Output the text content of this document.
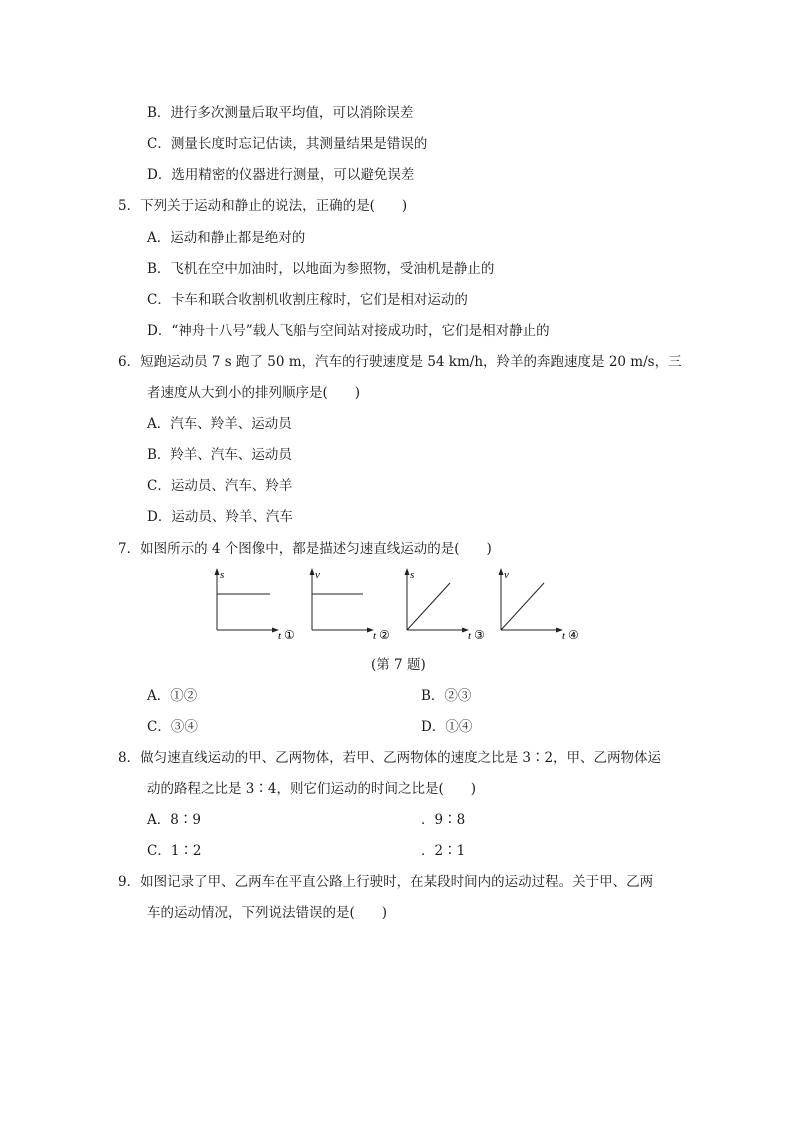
B．进行多次测量后取平均值，可以消除误差
C．测量长度时忘记估读，其测量结果是错误的
D．选用精密的仪器进行测量，可以避免误差
5．下列关于运动和静止的说法，正确的是(　　)
A．运动和静止都是绝对的
B．飞机在空中加油时，以地面为参照物，受油机是静止的
C．卡车和联合收割机收割庄稼时，它们是相对运动的
D．“神舟十八号”载人飞船与空间站对接成功时，它们是相对静止的
6．短跑运动员 7 s 跑了 50 m，汽车的行驶速度是 54 km/h，羚羊的奔跑速度是 20 m/s，三
者速度从大到小的排列顺序是(　　)
A．汽车、羚羊、运动员
B．羚羊、汽车、运动员
C．运动员、汽车、羚羊
D．运动员、羚羊、汽车
7．如图所示的 4 个图像中，都是描述匀速直线运动的是(　　)
s
t ①
v
t ②
s
t ③
v
t ④
(第 7 题)
A．①②	B．②③
C．③④	D．①④
8．做匀速直线运动的甲、乙两物体，若甲、乙两物体的速度之比是 3∶2，甲、乙两物体运
动的路程之比是 3∶4，则它们运动的时间之比是(　　)
A．8∶9	．9∶8
C．1∶2	．2∶1
9．如图记录了甲、乙两车在平直公路上行驶时，在某段时间内的运动过程。关于甲、乙两
车的运动情况，下列说法错误的是(　　)
